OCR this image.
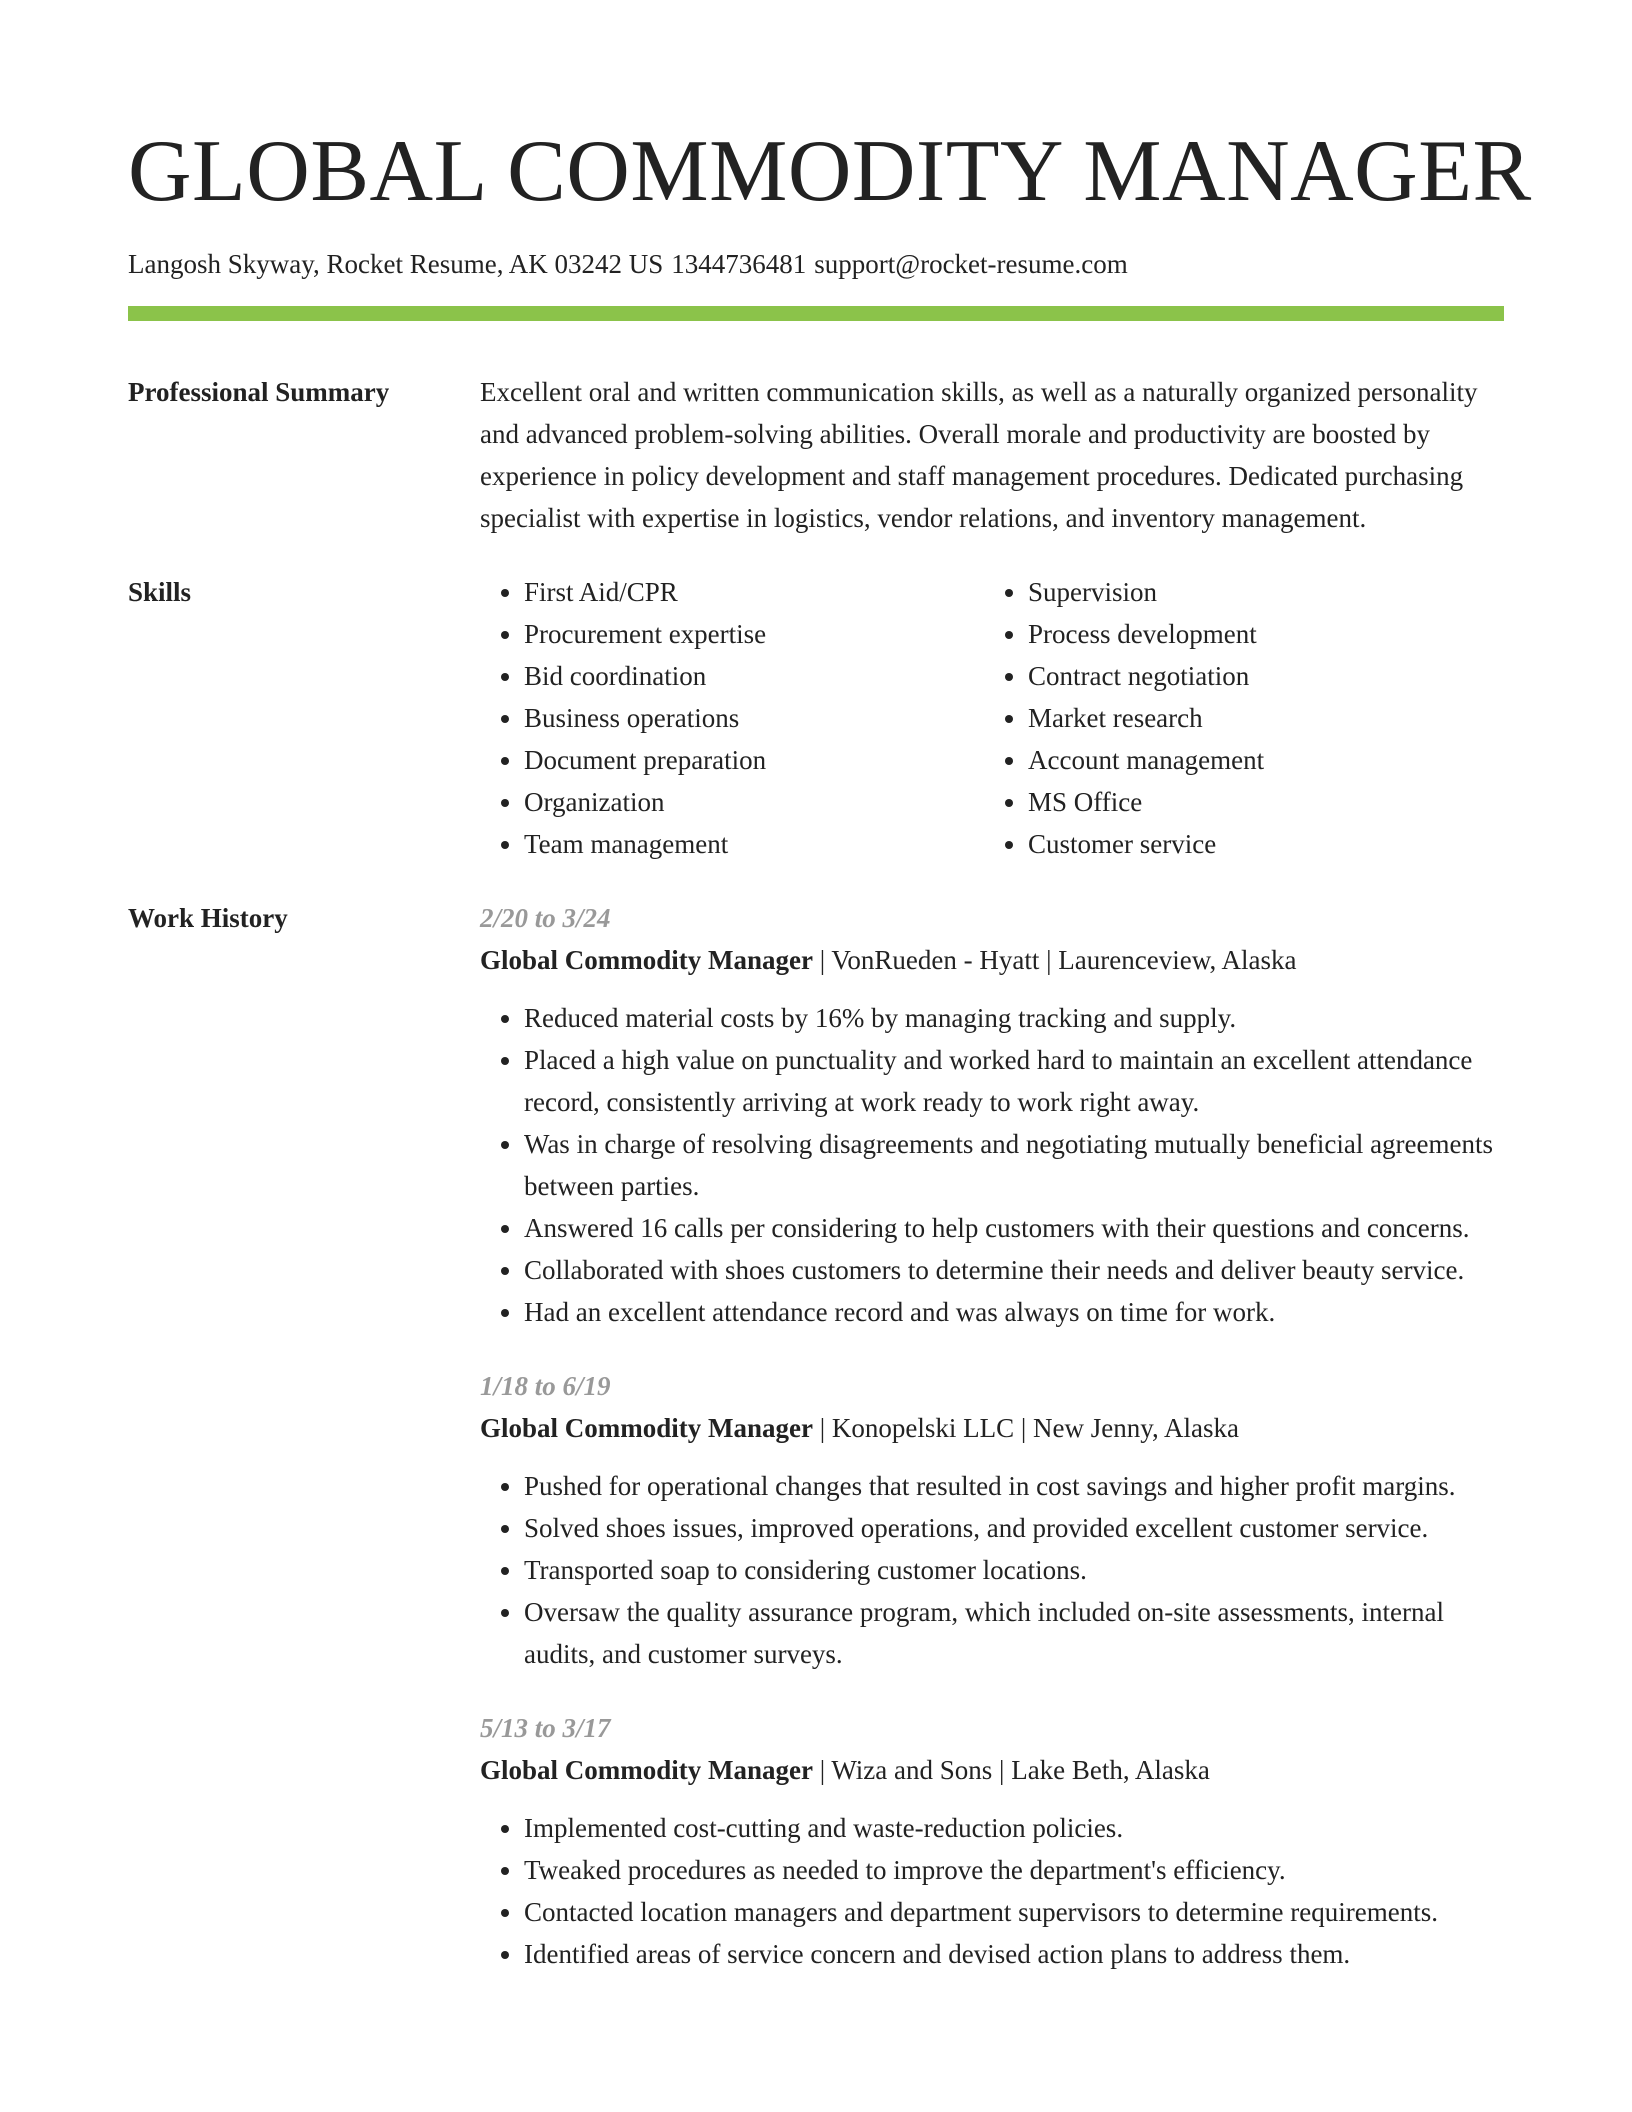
GLOBAL COMMODITY MANAGER
Langosh Skyway, Rocket Resume, AK 03242 US 1344736481 support@rocket-resume.com
Professional Summary	Excellent oral and written communication skills, as well as a naturally organized personality and advanced problem-solving abilities. Overall morale and productivity are boosted by experience in policy development and staff management procedures. Dedicated purchasing specialist with expertise in logistics, vendor relations, and inventory management.

Skills
•	First Aid/CPR
• Procurement expertise
• Bid coordination
• Business operations
• Document preparation
• Organization
• Team management
• Supervision
• Process development
• Contract negotiation
• Market research
• Account management
• MS Office
• Customer service
Work History	2/20 to 3/24
Global Commodity Manager | VonRueden - Hyatt | Laurenceview, Alaska
• Reduced material costs by 16% by managing tracking and supply.
• Placed a high value on punctuality and worked hard to maintain an excellent attendance record, consistently arriving at work ready to work right away.
• Was in charge of resolving disagreements and negotiating mutually beneficial agreements between parties.
• Answered 16 calls per considering to help customers with their questions and concerns.
• Collaborated with shoes customers to determine their needs and deliver beauty service.
• Had an excellent attendance record and was always on time for work.
1/18 to 6/19
Global Commodity Manager | Konopelski LLC | New Jenny, Alaska
• Pushed for operational changes that resulted in cost savings and higher profit margins.
• Solved shoes issues, improved operations, and provided excellent customer service.
• Transported soap to considering customer locations.
• Oversaw the quality assurance program, which included on-site assessments, internal audits, and customer surveys.
5/13 to 3/17
Global Commodity Manager | Wiza and Sons | Lake Beth, Alaska
• Implemented cost-cutting and waste-reduction policies.
• Tweaked procedures as needed to improve the department's efficiency.
• Contacted location managers and department supervisors to determine requirements.
• Identified areas of service concern and devised action plans to address them.
